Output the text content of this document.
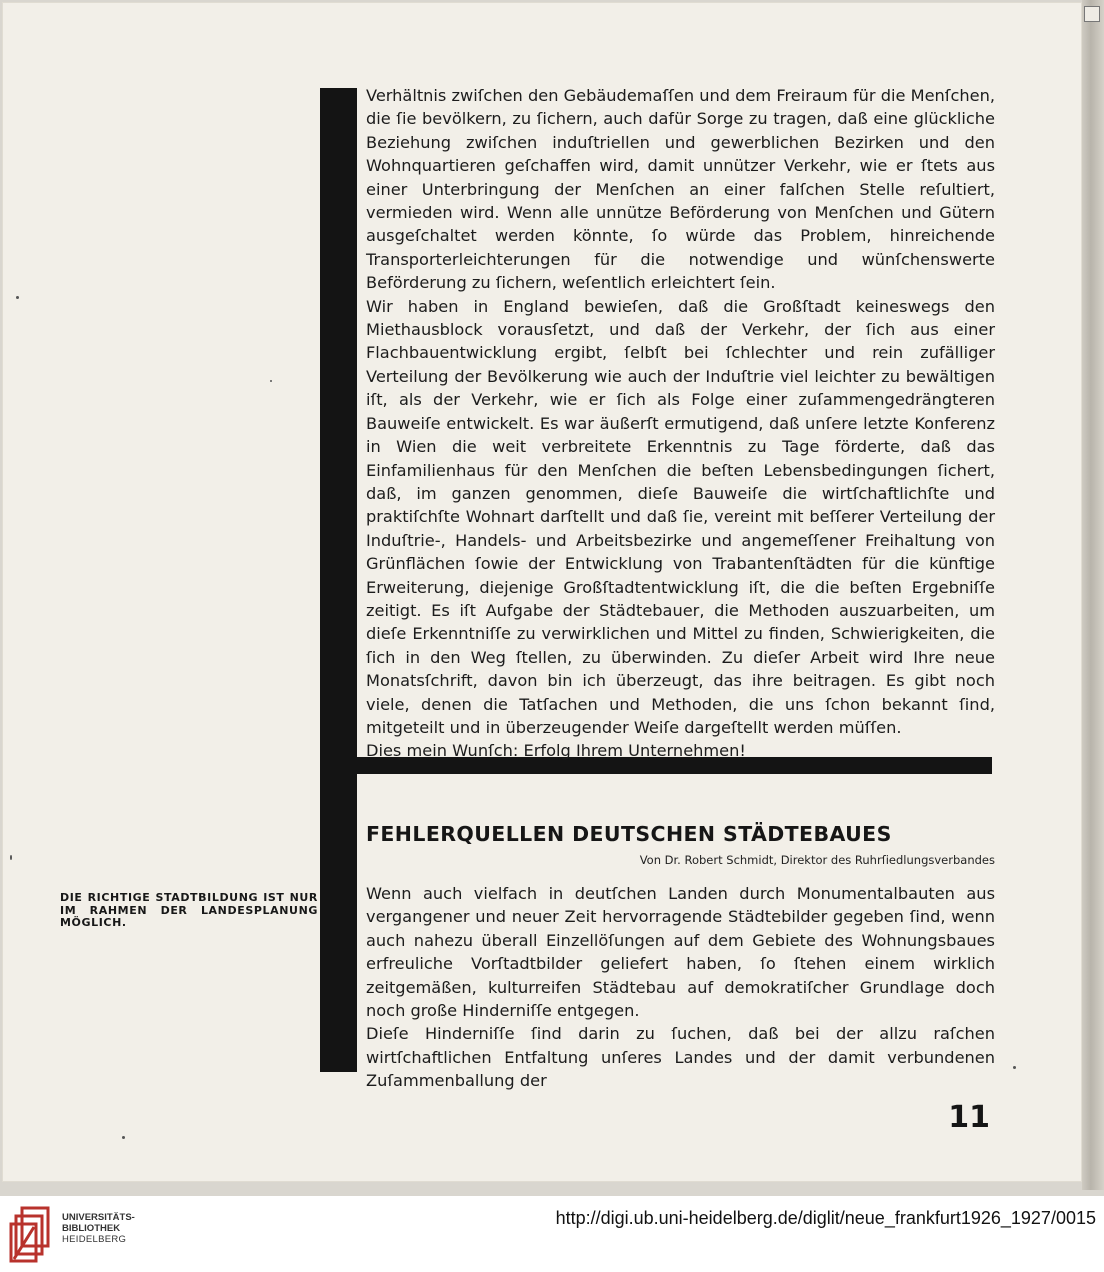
Verhältnis zwiſchen den Gebäudemaſſen und dem Freiraum für die Menſchen, die ſie bevölkern, zu ſichern, auch dafür Sorge zu tragen, daß eine glückliche Beziehung zwiſchen induſtriellen und gewerblichen Bezirken und den Wohnquartieren geſchaffen wird, damit unnützer Verkehr, wie er ſtets aus einer Unterbringung der Menſchen an einer falſchen Stelle reſultiert, vermieden wird. Wenn alle unnütze Beförderung von Menſchen und Gütern ausgeſchaltet werden könnte, ſo würde das Problem, hinreichende Transporterleichterungen für die notwendige und wünſchenswerte Beförderung zu ſichern, weſentlich erleichtert ſein.

Wir haben in England bewieſen, daß die Großſtadt keineswegs den Miethausblock vorausſetzt, und daß der Verkehr, der ſich aus einer Flachbauentwicklung ergibt, ſelbſt bei ſchlechter und rein zufälliger Verteilung der Bevölkerung wie auch der Induſtrie viel leichter zu bewältigen iſt, als der Verkehr, wie er ſich als Folge einer zuſammengedrängteren Bauweiſe entwickelt. Es war äußerſt ermutigend, daß unſere letzte Konferenz in Wien die weit verbreitete Erkenntnis zu Tage förderte, daß das Einfamilienhaus für den Menſchen die beſten Lebensbedingungen ſichert, daß, im ganzen genommen, dieſe Bauweiſe die wirtſchaftlichſte und praktiſchſte Wohnart darſtellt und daß ſie, vereint mit beſſerer Verteilung der Induſtrie-, Handels- und Arbeitsbezirke und angemeſſener Freihaltung von Grünflächen ſowie der Entwicklung von Trabantenſtädten für die künftige Erweiterung, diejenige Großſtadtentwicklung iſt, die die beſten Ergebniſſe zeitigt. Es iſt Aufgabe der Städtebauer, die Methoden auszuarbeiten, um dieſe Erkenntniſſe zu verwirklichen und Mittel zu finden, Schwierigkeiten, die ſich in den Weg ſtellen, zu überwinden. Zu dieſer Arbeit wird Ihre neue Monatsſchrift, davon bin ich überzeugt, das ihre beitragen. Es gibt noch viele, denen die Tatſachen und Methoden, die uns ſchon bekannt ſind, mitgeteilt und in überzeugender Weiſe dargeſtellt werden müſſen.

Dies mein Wunſch: Erfolg Ihrem Unternehmen!

FEHLERQUELLEN DEUTSCHEN STÄDTEBAUES

Von Dr. Robert Schmidt, Direktor des Ruhrſiedlungsverbandes

DIE RICHTIGE STADTBILDUNG IST NUR IM RAHMEN DER LANDESPLANUNG MÖGLICH.

Wenn auch vielfach in deutſchen Landen durch Monumentalbauten aus vergangener und neuer Zeit hervorragende Städtebilder gegeben ſind, wenn auch nahezu überall Einzellöſungen auf dem Gebiete des Wohnungsbaues erfreuliche Vorſtadtbilder geliefert haben, ſo ſtehen einem wirklich zeitgemäßen, kulturreifen Städtebau auf demokratiſcher Grundlage doch noch große Hinderniſſe entgegen.

Dieſe Hinderniſſe ſind darin zu ſuchen, daß bei der allzu raſchen wirtſchaftlichen Entfaltung unſeres Landes und der damit verbundenen Zuſammenballung der

11

UNIVERSITÄTS-
BIBLIOTHEK
HEIDELBERG

http://digi.ub.uni-heidelberg.de/diglit/neue_frankfurt1926_1927/0015
